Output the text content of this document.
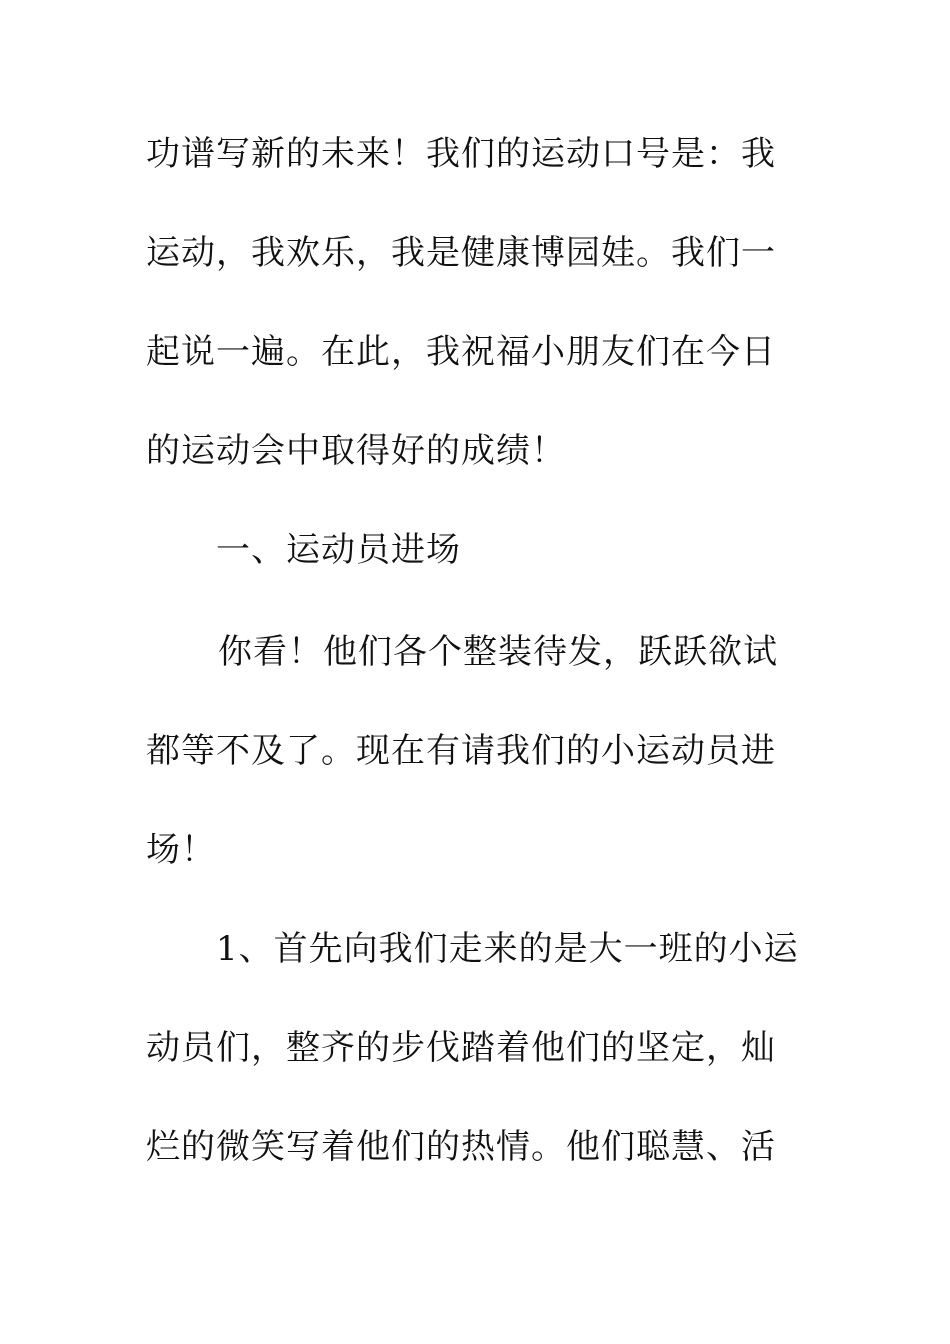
功谱写新的未来！我们的运动口号是：我
运动，我欢乐，我是健康博园娃。我们一
起说一遍。在此，我祝福小朋友们在今日
的运动会中取得好的成绩！
一、运动员进场
你看！他们各个整装待发，跃跃欲试
都等不及了。现在有请我们的小运动员进
场！
1、首先向我们走来的是大一班的小运
动员们，整齐的步伐踏着他们的坚定，灿
烂的微笑写着他们的热情。他们聪慧、活
